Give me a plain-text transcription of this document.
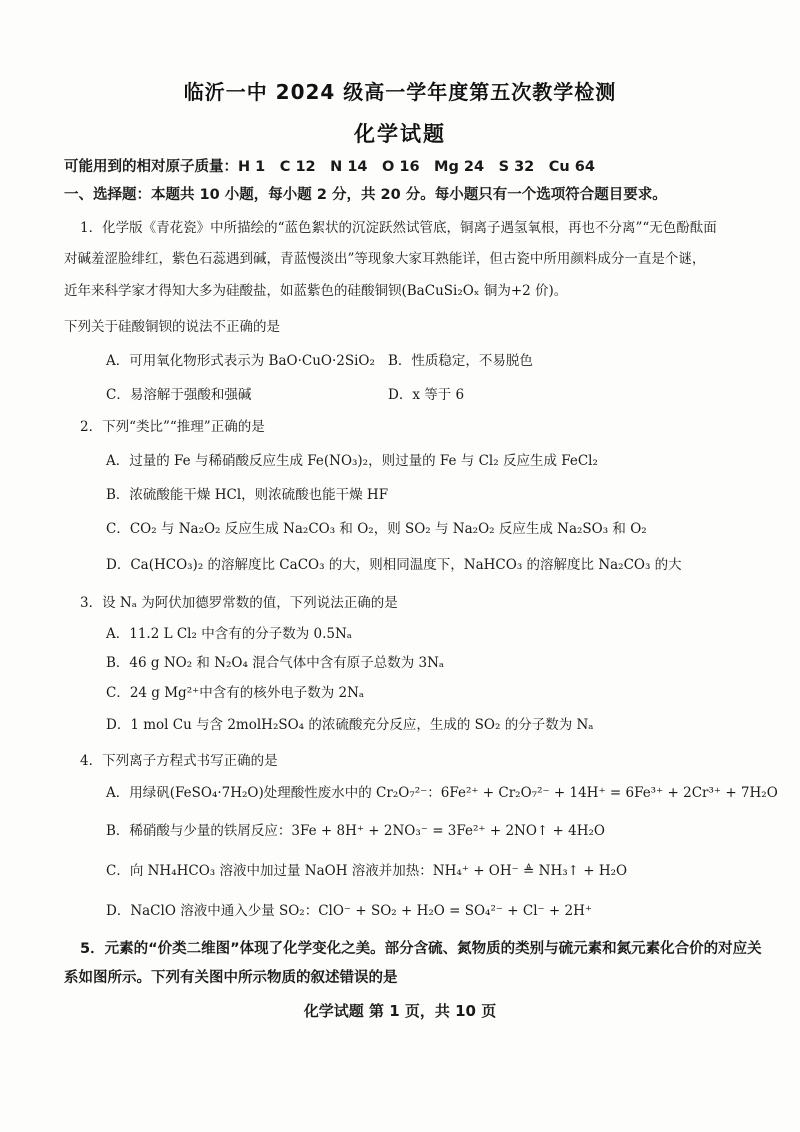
临沂一中 2024 级高一学年度第五次教学检测
化学试题
可能用到的相对原子质量：H 1　C 12　N 14　O 16　Mg 24　S 32　Cu 64
一、选择题：本题共 10 小题，每小题 2 分，共 20 分。每小题只有一个选项符合题目要求。
1．化学版《青花瓷》中所描绘的“蓝色絮状的沉淀跃然试管底，铜离子遇氢氧根，再也不分离”“无色酚酞面
对碱羞涩脸绯红，紫色石蕊遇到碱，青蓝慢淡出”等现象大家耳熟能详，但古瓷中所用颜料成分一直是个谜，
近年来科学家才得知大多为硅酸盐，如蓝紫色的硅酸铜钡(BaCuSi₂Oₓ 铜为+2 价)。
下列关于硅酸铜钡的说法不正确的是
A．可用氧化物形式表示为 BaO·CuO·2SiO₂ B．性质稳定，不易脱色
C．易溶解于强酸和强碱	D．x 等于 6
2．下列“类比”“推理”正确的是
A．过量的 Fe 与稀硝酸反应生成 Fe(NO₃)₂，则过量的 Fe 与 Cl₂ 反应生成 FeCl₂
B．浓硫酸能干燥 HCl，则浓硫酸也能干燥 HF
C．CO₂ 与 Na₂O₂ 反应生成 Na₂CO₃ 和 O₂，则 SO₂ 与 Na₂O₂ 反应生成 Na₂SO₃ 和 O₂
D．Ca(HCO₃)₂ 的溶解度比 CaCO₃ 的大，则相同温度下，NaHCO₃ 的溶解度比 Na₂CO₃ 的大
3．设 Nₐ 为阿伏加德罗常数的值，下列说法正确的是
A．11.2 L Cl₂ 中含有的分子数为 0.5Nₐ
B．46 g NO₂ 和 N₂O₄ 混合气体中含有原子总数为 3Nₐ
C．24 g Mg²⁺中含有的核外电子数为 2Nₐ
D．1 mol Cu 与含 2molH₂SO₄ 的浓硫酸充分反应，生成的 SO₂ 的分子数为 Nₐ
4．下列离子方程式书写正确的是
A．用绿矾(FeSO₄·7H₂O)处理酸性废水中的 Cr₂O₇²⁻：6Fe²⁺ + Cr₂O₇²⁻ + 14H⁺ = 6Fe³⁺ + 2Cr³⁺ + 7H₂O
B．稀硝酸与少量的铁屑反应：3Fe + 8H⁺ + 2NO₃⁻ = 3Fe²⁺ + 2NO↑ + 4H₂O
C．向 NH₄HCO₃ 溶液中加过量 NaOH 溶液并加热：NH₄⁺ + OH⁻ ≜ NH₃↑ + H₂O
D．NaClO 溶液中通入少量 SO₂：ClO⁻ + SO₂ + H₂O = SO₄²⁻ + Cl⁻ + 2H⁺
5．元素的“价类二维图”体现了化学变化之美。部分含硫、氮物质的类别与硫元素和氮元素化合价的对应关
系如图所示。下列有关图中所示物质的叙述错误的是
化学试题 第 1 页，共 10 页
